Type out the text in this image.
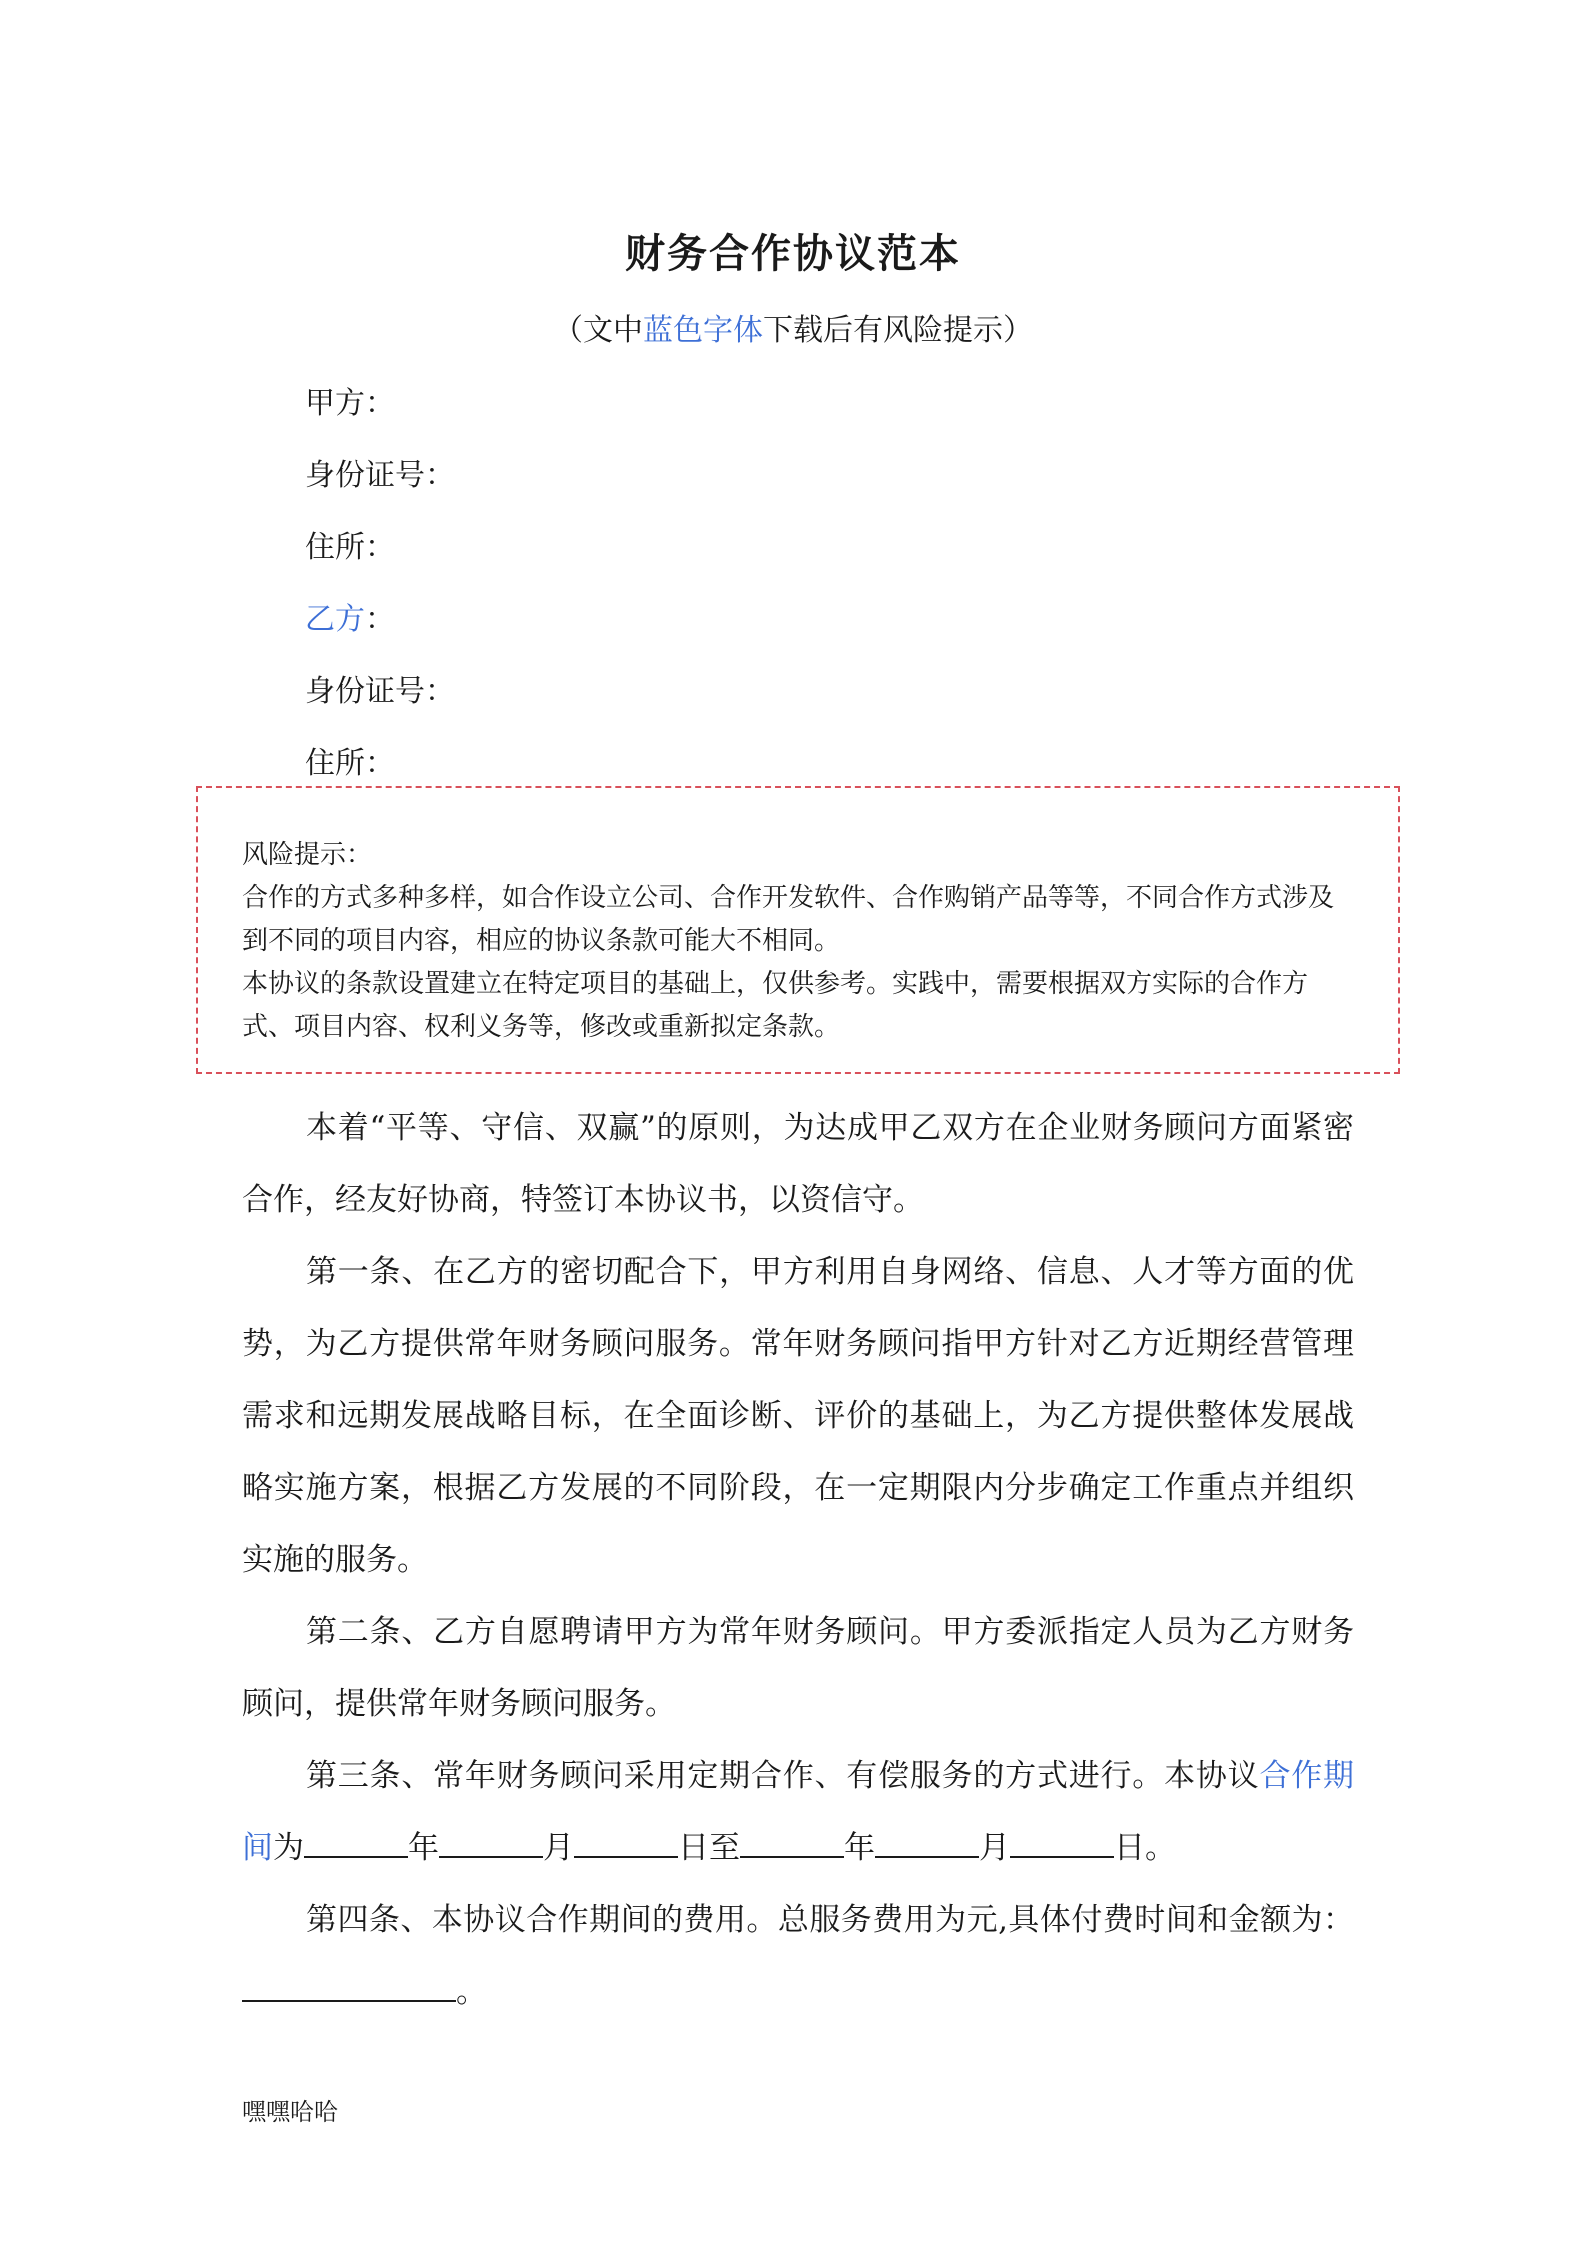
财务合作协议范本
（文中蓝色字体下载后有风险提示）
甲方：
身份证号：
住所：
乙方：
身份证号：
住所：

风险提示：

合作的方式多种多样，如合作设立公司、合作开发软件、合作购销产品等等，不同合作方式涉及到不同的项目内容，相应的协议条款可能大不相同。

本协议的条款设置建立在特定项目的基础上，仅供参考。实践中，需要根据双方实际的合作方式、项目内容、权利义务等，修改或重新拟定条款。

本着“平等、守信、双赢”的原则，为达成甲乙双方在企业财务顾问方面紧密合作，经友好协商，特签订本协议书，以资信守。

第一条、在乙方的密切配合下，甲方利用自身网络、信息、人才等方面的优势，为乙方提供常年财务顾问服务。常年财务顾问指甲方针对乙方近期经营管理需求和远期发展战略目标，在全面诊断、评价的基础上，为乙方提供整体发展战略实施方案，根据乙方发展的不同阶段，在一定期限内分步确定工作重点并组织实施的服务。

第二条、乙方自愿聘请甲方为常年财务顾问。甲方委派指定人员为乙方财务顾问，提供常年财务顾问服务。

第三条、常年财务顾问采用定期合作、有偿服务的方式进行。本协议合作期间为	年	月	日至	年	月	日。

第四条、本协议合作期间的费用。总服务费用为元,具体付费时间和金额为：。

嘿嘿哈哈
